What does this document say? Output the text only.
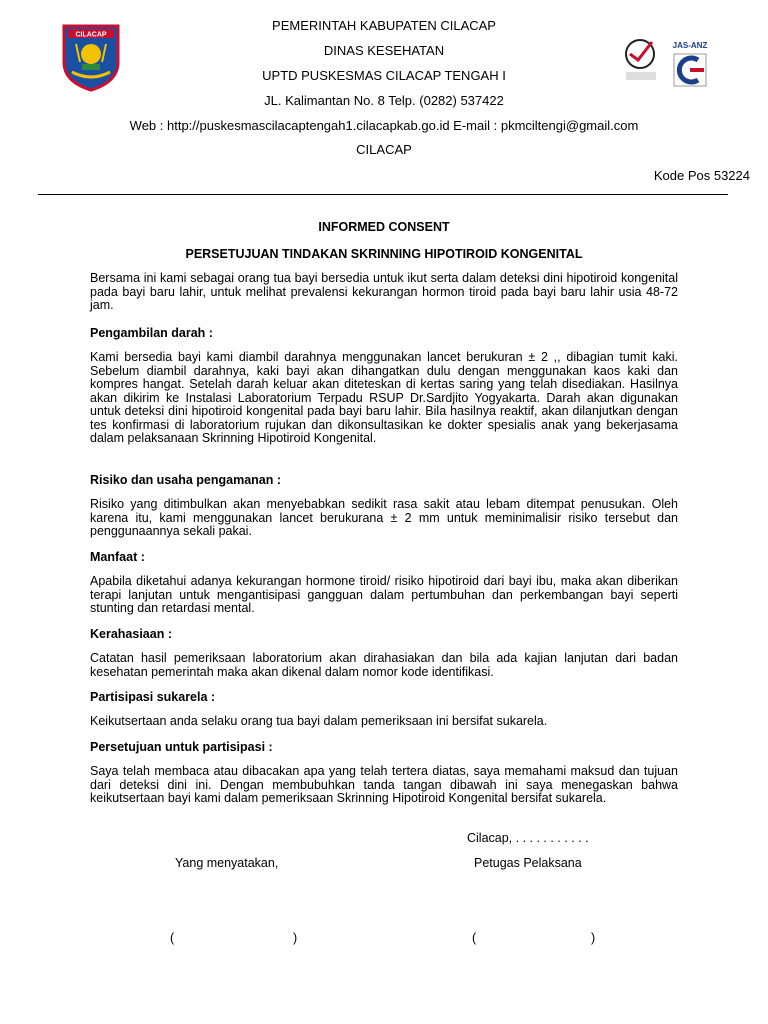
CILACAP
JAS-ANZ
PEMERINTAH KABUPATEN CILACAP
DINAS KESEHATAN
UPTD PUSKESMAS CILACAP TENGAH I
JL. Kalimantan No. 8 Telp. (0282) 537422
Web : http://puskesmascilacaptengah1.cilacapkab.go.id E-mail : pkmciltengi@gmail.com
CILACAP
Kode Pos 53224
INFORMED CONSENT
PERSETUJUAN TINDAKAN SKRINNING HIPOTIROID KONGENITAL
Bersama ini kami sebagai orang tua bayi bersedia untuk ikut serta dalam deteksi dini hipotiroid kongenital pada bayi baru lahir, untuk melihat prevalensi kekurangan hormon tiroid pada bayi baru lahir usia 48-72 jam.
Pengambilan darah :
Kami bersedia bayi kami diambil darahnya menggunakan lancet berukuran ± 2 ,, dibagian tumit kaki. Sebelum diambil darahnya, kaki bayi akan dihangatkan dulu dengan menggunakan kaos kaki dan kompres hangat. Setelah darah keluar akan diteteskan di kertas saring yang telah disediakan. Hasilnya akan dikirim ke Instalasi Laboratorium Terpadu RSUP Dr.Sardjito Yogyakarta. Darah akan digunakan untuk deteksi dini hipotiroid kongenital pada bayi baru lahir. Bila hasilnya reaktif, akan dilanjutkan dengan tes konfirmasi di laboratorium rujukan dan dikonsultasikan ke dokter spesialis anak yang bekerjasama dalam pelaksanaan Skrinning Hipotiroid Kongenital.
Risiko dan usaha pengamanan :
Risiko yang ditimbulkan akan menyebabkan sedikit rasa sakit atau lebam ditempat penusukan. Oleh karena itu, kami menggunakan lancet berukurana ± 2 mm untuk meminimalisir risiko tersebut dan penggunaannya sekali pakai.
Manfaat :
Apabila diketahui adanya kekurangan hormone tiroid/ risiko hipotiroid dari bayi ibu, maka akan diberikan terapi lanjutan untuk mengantisipasi gangguan dalam pertumbuhan dan perkembangan bayi seperti stunting dan retardasi mental.
Kerahasiaan :
Catatan hasil pemeriksaan laboratorium akan dirahasiakan dan bila ada kajian lanjutan dari badan kesehatan pemerintah maka akan dikenal dalam nomor kode identifikasi.
Partisipasi sukarela :
Keikutsertaan anda selaku orang tua bayi dalam pemeriksaan ini bersifat sukarela.
Persetujuan untuk partisipasi :
Saya telah membaca atau dibacakan apa yang telah tertera diatas, saya memahami maksud dan tujuan dari deteksi dini ini. Dengan membubuhkan tanda tangan dibawah ini saya menegaskan bahwa keikutsertaan bayi kami dalam pemeriksaan Skrinning Hipotiroid Kongenital bersifat sukarela.
Cilacap, . . . . . . . . . . .
Yang menyatakan,	Petugas Pelaksana
(	)	(	)
